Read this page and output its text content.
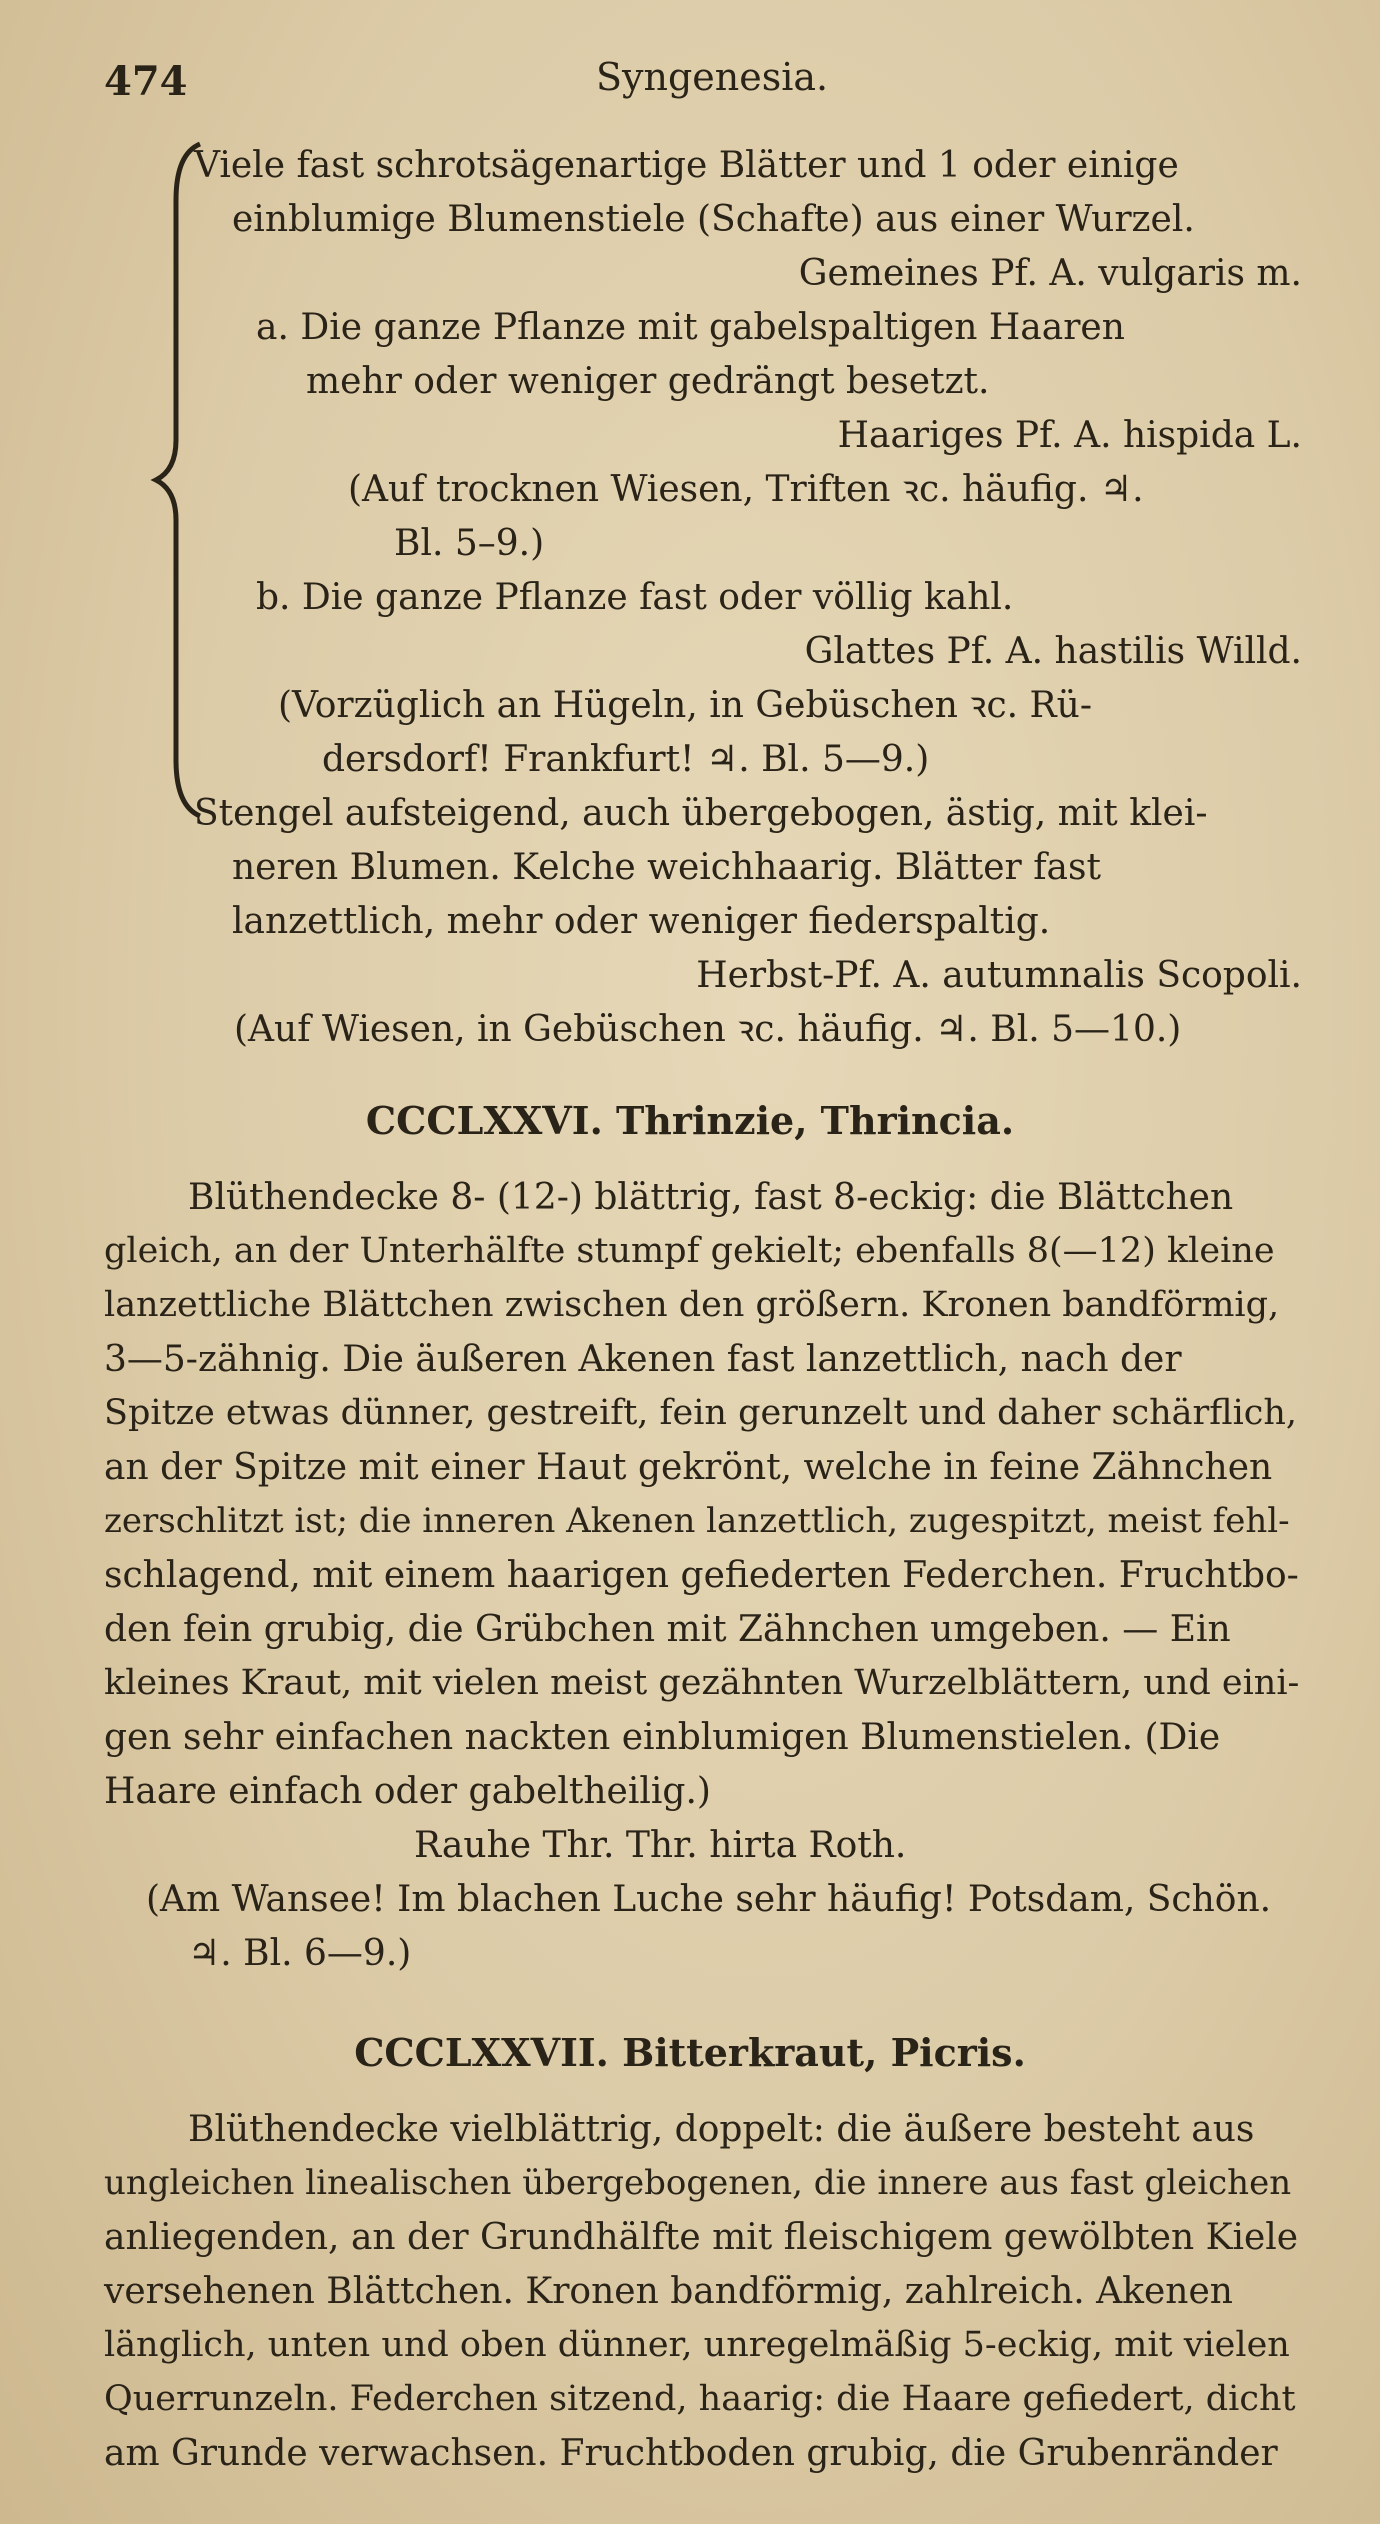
474	Syngenesia.
Viele fast schrotsägenartige Blätter und 1 oder einige
einblumige Blumenstiele (Schafte) aus einer Wurzel.
Gemeines Pf. A. vulgaris m.
a. Die ganze Pflanze mit gabelspaltigen Haaren
mehr oder weniger gedrängt besetzt.
Haariges Pf. A. hispida L.
(Auf trocknen Wiesen, Triften ꝛc. häufig. ♃.
Bl. 5–9.)
b. Die ganze Pflanze fast oder völlig kahl.
Glattes Pf. A. hastilis Willd.
(Vorzüglich an Hügeln, in Gebüschen ꝛc. Rü-
dersdorf! Frankfurt! ♃. Bl. 5—9.)
Stengel aufsteigend, auch übergebogen, ästig, mit klei-
neren Blumen. Kelche weichhaarig. Blätter fast
lanzettlich, mehr oder weniger fiederspaltig.
Herbst-Pf. A. autumnalis Scopoli.
(Auf Wiesen, in Gebüschen ꝛc. häufig. ♃. Bl. 5—10.)
CCCLXXVI. Thrinzie, Thrincia.
Blüthendecke 8- (12-) blättrig, fast 8-eckig: die Blättchen
gleich, an der Unterhälfte stumpf gekielt; ebenfalls 8(—12) kleine
lanzettliche Blättchen zwischen den größern. Kronen bandförmig,
3—5-zähnig. Die äußeren Akenen fast lanzettlich, nach der
Spitze etwas dünner, gestreift, fein gerunzelt und daher schärflich,
an der Spitze mit einer Haut gekrönt, welche in feine Zähnchen
zerschlitzt ist; die inneren Akenen lanzettlich, zugespitzt, meist fehl-
schlagend, mit einem haarigen gefiederten Federchen. Fruchtbo-
den fein grubig, die Grübchen mit Zähnchen umgeben. — Ein
kleines Kraut, mit vielen meist gezähnten Wurzelblättern, und eini-
gen sehr einfachen nackten einblumigen Blumenstielen. (Die
Haare einfach oder gabeltheilig.)
Rauhe Thr. Thr. hirta Roth.
(Am Wansee! Im blachen Luche sehr häufig! Potsdam, Schön.
♃. Bl. 6—9.)
CCCLXXVII. Bitterkraut, Picris.
Blüthendecke vielblättrig, doppelt: die äußere besteht aus
ungleichen linealischen übergebogenen, die innere aus fast gleichen
anliegenden, an der Grundhälfte mit fleischigem gewölbten Kiele
versehenen Blättchen. Kronen bandförmig, zahlreich. Akenen
länglich, unten und oben dünner, unregelmäßig 5-eckig, mit vielen
Querrunzeln. Federchen sitzend, haarig: die Haare gefiedert, dicht
am Grunde verwachsen. Fruchtboden grubig, die Grubenränder
